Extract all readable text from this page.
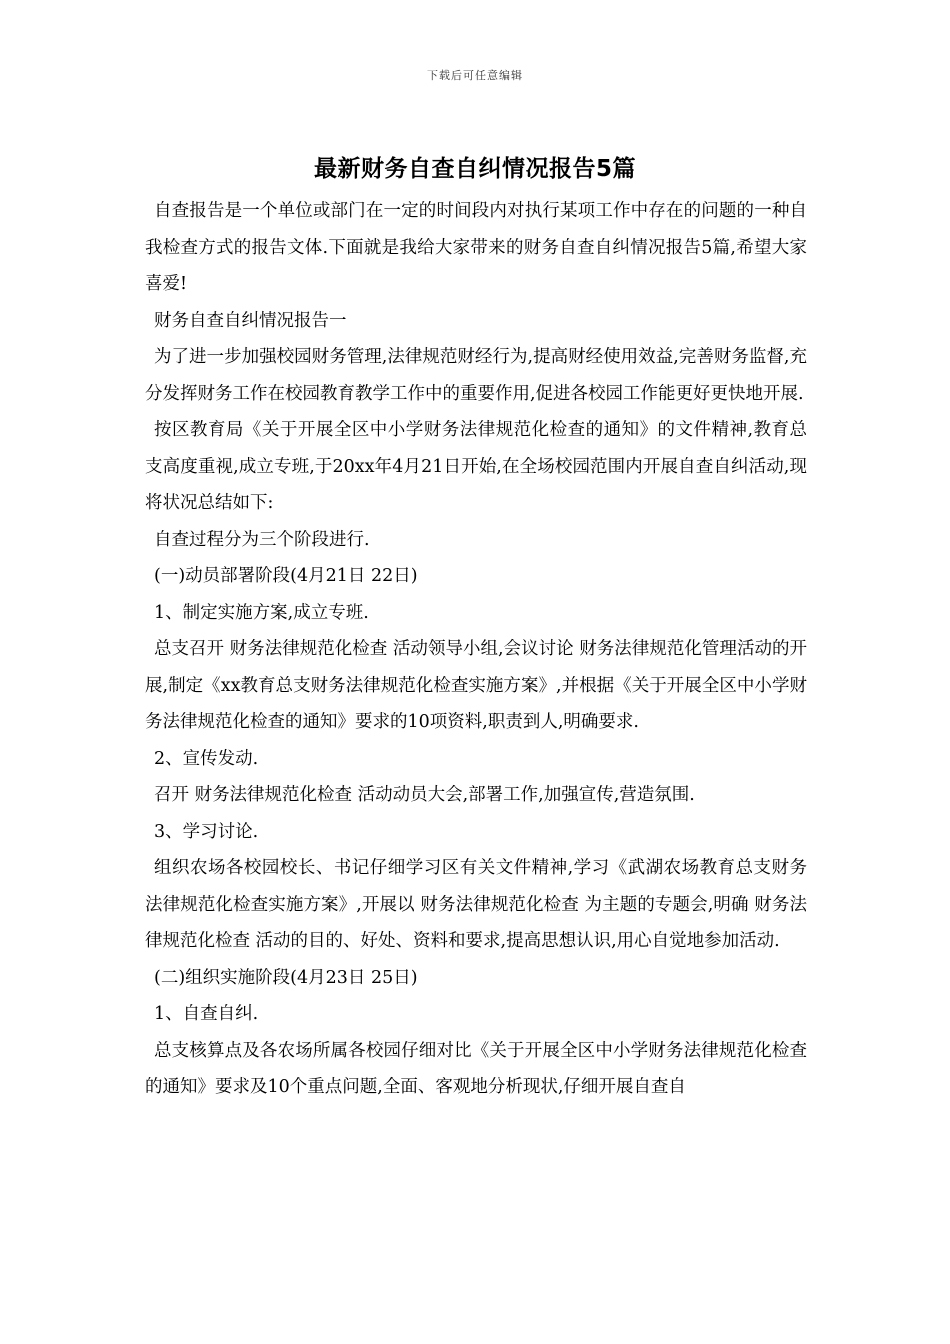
下载后可任意编辑
最新财务自查自纠情况报告5篇

自查报告是一个单位或部门在一定的时间段内对执行某项工作中存在的问题的一种自我检查方式的报告文体.下面就是我给大家带来的财务自查自纠情况报告5篇,希望大家喜爱!

财务自查自纠情况报告一

为了进一步加强校园财务管理,法律规范财经行为,提高财经使用效益,完善财务监督,充分发挥财务工作在校园教育教学工作中的重要作用,促进各校园工作能更好更快地开展.

按区教育局《关于开展全区中小学财务法律规范化检查的通知》的文件精神,教育总支高度重视,成立专班,于20xx年4月21日开始,在全场校园范围内开展自查自纠活动,现将状况总结如下:

自查过程分为三个阶段进行.

(一)动员部署阶段(4月21日 22日)

1、制定实施方案,成立专班.

总支召开 财务法律规范化检查 活动领导小组,会议讨论 财务法律规范化管理活动的开展,制定《xx教育总支财务法律规范化检查实施方案》,并根据《关于开展全区中小学财务法律规范化检查的通知》要求的10项资料,职责到人,明确要求.

2、宣传发动.

召开 财务法律规范化检查 活动动员大会,部署工作,加强宣传,营造氛围.

3、学习讨论.

组织农场各校园校长、书记仔细学习区有关文件精神,学习《武湖农场教育总支财务法律规范化检查实施方案》,开展以 财务法律规范化检查 为主题的专题会,明确 财务法律规范化检查 活动的目的、好处、资料和要求,提高思想认识,用心自觉地参加活动.

(二)组织实施阶段(4月23日 25日)

1、自查自纠.

总支核算点及各农场所属各校园仔细对比《关于开展全区中小学财务法律规范化检查的通知》要求及10个重点问题,全面、客观地分析现状,仔细开展自查自
